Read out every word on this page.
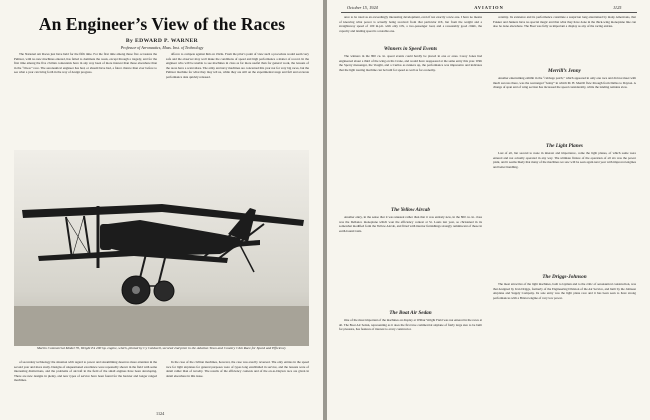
An Engineer’s View of the Races
By EDWARD P. WARNER
Professor of Aeronautics, Mass. Inst. of Technology

The National Air Races just have held for the fifth time. For the first time among these five occasions the Pulitzer, with no new machines entered, has failed to dominate the week, except through a tragedy, and for the first time among the five civilian contestants have in any way been of more interest than those elsewhere than in the “On-to” race. The aeronautical engineer has had, or should have had, a fairer chance than ever before to see what a year can bring forth in the way of design progress.

afforce to compete against him on 1924s. From the pilot’s point of view such a procedure would seem very safe and the observer may well make the conditions of speed and high performance a matter of record. In the engineer who will be unable to see machines in class as far more useful than for general work, the lessons of the races have a scant share. The army and navy machines are concerned this year not for very big races, but the Pulitzer machine for what they may tell us, while they are still on the experimental stage and full and accurate performance data quickly released.

Martin Commercial Model 70, Weight E4 200 hp. engine, which, piloted by Cy Caldwell, secured 2nd prize in the Aviation Town and Country Club Race for Speed and Efficiency

of secondary technology the situation with regard to power and streamlining deserves more attention in the second year and more study. Designs of unquestioned excellence were repeatedly shown in the field with some interesting distinctions, and the problems of aircraft in the field of the small engines have been developing. There are new designs in plenty, and new types of service have been found for the heavier and longer ranged machines.

In the case of the civilian machines, however, the case was exactly reversed. The only entries in the speed race for light airplanes for general purposes were of types long established in service, and the lessons were of detail rather than of novelty. The results of the efficiency contests and of the on-to-Dayton race are given in detail elsewhere in this issue.

1124
October 15, 1924	AVIATION	1125

ance to be rated as an exceedingly interesting development, even if not exactly a new one. I have no means of knowing what power is actually being received from that particular OX, but from the weight and a straightaway speed of 100 m.p.h. with only OX, a two-passenger load, and a reasonably good climb, the capacity and landing speed is a notable one.

Winners in Speed Events

The winners in the 800 cu. in. speed events could hardly be placed in one or ones. Corey Jones had engineered about a third of the wing on his Crane, and would have reappeared at the same entry this year. With the Sperry messenger, the Vought, and a Curtiss as runners up, the performance was impressive and indicates that the light touring machine can be built for speed as well as for economy.

The Yellow Aircab

Another entry, in the sense that it was unusual rather than that it was entirely new, in the 800 cu. in. class was the Dellanco monoplane which won the efficiency contest at St. Louis last year, so christened in its somewhat modified form the Yellow Aircab, and fitted with interior furnishings strongly reminiscent of those in earth-bound taxis.

The Boat Air Sedan

One of the most important of the machines on display at Wilbur Wright Field was not entered in the races at all. The Boat Air Sedan, representing as it does the first true commercial airplane of fairly large size to be built for pleasure, has features of interest to every constructor.

ceratiny. Its existence and its performance constitute a suspicion long entertained by many Americans, that Fokker and Junkers have no special magic and that what they have done in the thick-wing monoplane line can also be done elsewhere. The Boat was fully as important a display as any of the racing entries.

Merrill’s Jenny

Another entertaining exhibit in the “cabbage patch,” which appeared in only one race and did not meet with much success there, was the rearranged “Jenny” in which M. H. Merrill flew through from Dallas to Dayton. A change of span and of wing section has increased the speed considerably, while the landing remains slow.

The Light Planes

Last of all, but second to none in interest and importance, come the light planes, of which some were entered and not actually operated in any way. The ultimate fixture of the operation of all six was the power plant, and it seems likely that many of the machines we saw will be seen again next year with improved engines and better handling.

The Driggs-Johnson

The most attractive of the light machines, both to layman and to the critic of aeronautical construction, was that designed by Ivan Driggs, formerly of the Engineering Division of the Air Service, and built by the Johnson Airplane and Supply Company. Its sole entry was the light plane race and it has been seen to have strong performances with a Bristol engine of very low power.
